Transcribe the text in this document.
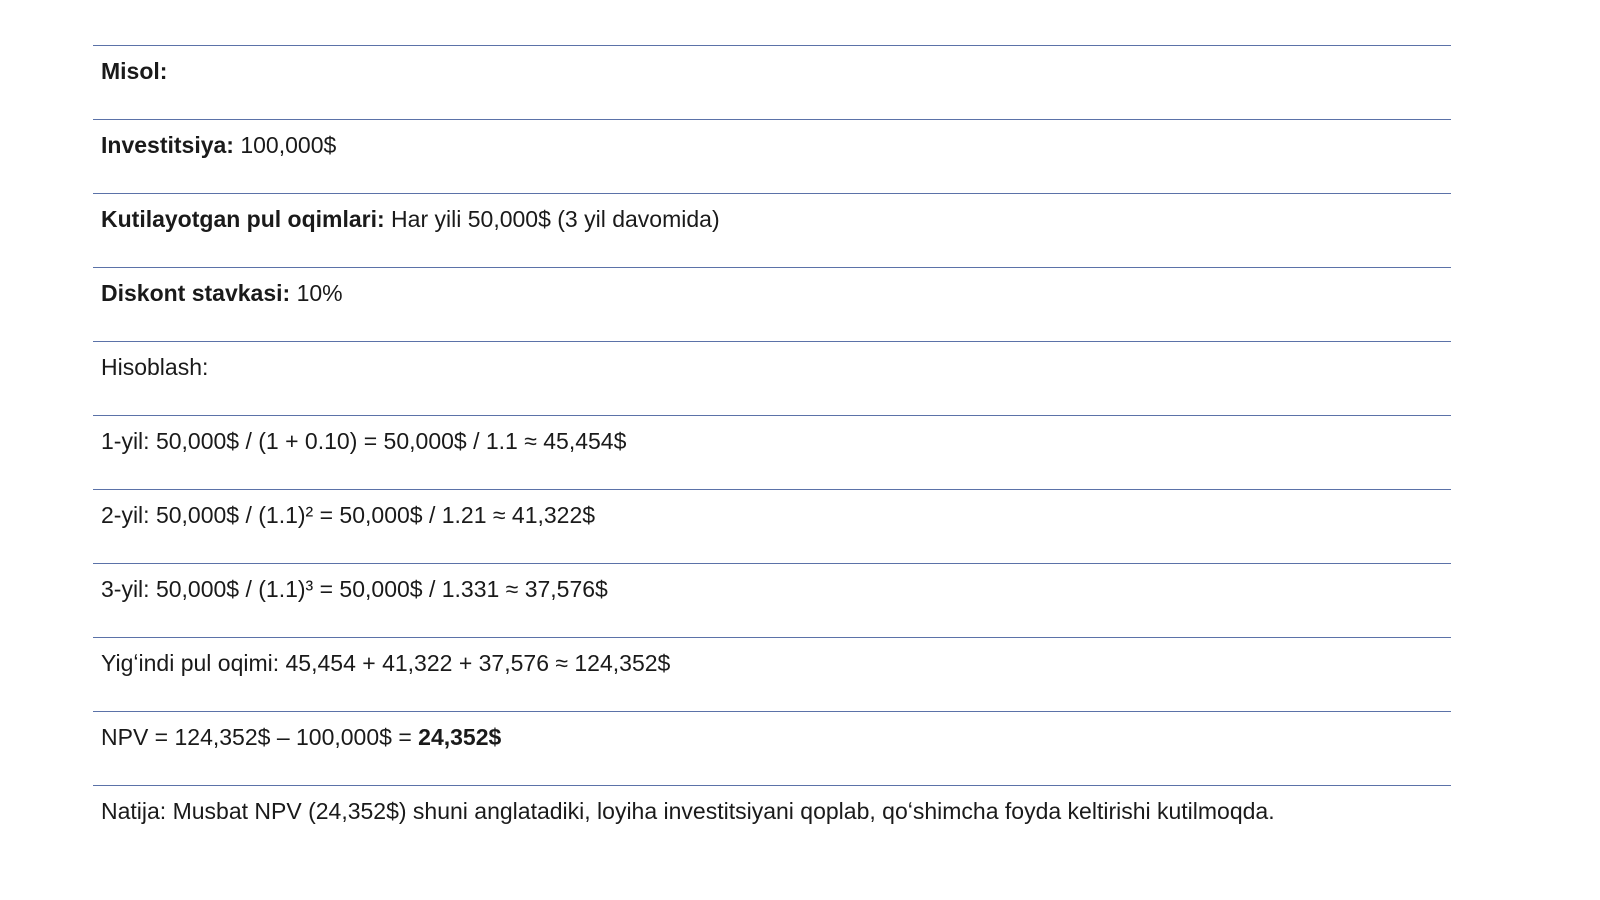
Misol:
Investitsiya: 100,000$
Kutilayotgan pul oqimlari: Har yili 50,000$ (3 yil davomida)
Diskont stavkasi: 10%
Hisoblash:
1-yil: 50,000$ / (1 + 0.10) = 50,000$ / 1.1 ≈ 45,454$
2-yil: 50,000$ / (1.1)² = 50,000$ / 1.21 ≈ 41,322$
3-yil: 50,000$ / (1.1)³ = 50,000$ / 1.331 ≈ 37,576$
Yigʻindi pul oqimi: 45,454 + 41,322 + 37,576 ≈ 124,352$
NPV = 124,352$ – 100,000$ = 24,352$
Natija: Musbat NPV (24,352$) shuni anglatadiki, loyiha investitsiyani qoplab, qoʻshimcha foyda keltirishi kutilmoqda.
